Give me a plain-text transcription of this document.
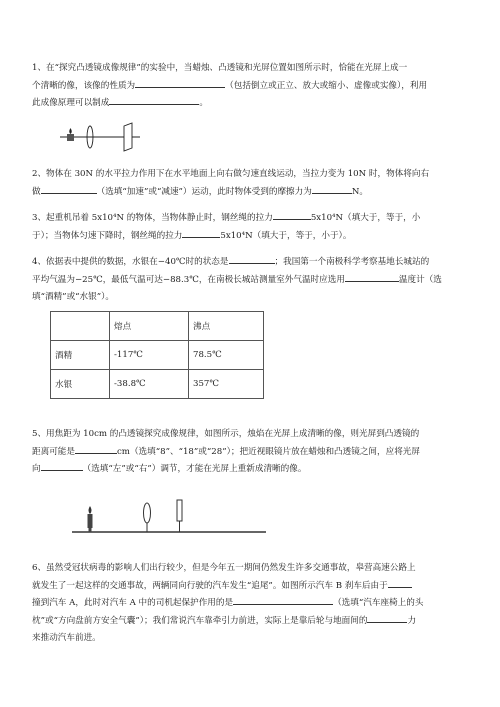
1、在“探究凸透镜成像规律”的实验中，当蜡烛、凸透镜和光屏位置如图所示时，恰能在光屏上成一

个清晰的像，该像的性质为	（包括倒立或正立、放大或缩小、虚像或实像），利用

此成像原理可以制成	。

2、物体在 30N 的水平拉力作用下在水平地面上向右做匀速直线运动，当拉力变为 10N 时，物体将向右

做	（选填“加速”或“减速”）运动，此时物体受到的摩擦力为	N。

3、起重机吊着 5x10⁴N 的物体，当物体静止时，钢丝绳的拉力	5x10⁴N（填大于，等于，小

于）；当物体匀速下降时，钢丝绳的拉力	5x10⁴N（填大于，等于，小于）。

4、依据表中提供的数据，水银在−40℃时的状态是	；我国第一个南极科学考察基地长城站的

平均气温为−25℃，最低气温可达−88.3℃，在南极长城站测量室外气温时应选用	温度计（选

填“酒精”或“水银”）。

	熔点	沸点
酒精	-117℃	78.5℃
水银	-38.8℃	357℃

5、用焦距为 10cm 的凸透镜探究成像规律，如图所示，烛焰在光屏上成清晰的像，则光屏到凸透镜的

距离可能是	cm（选填“8”、“18”或“28”）；把近视眼镜片放在蜡烛和凸透镜之间，应将光屏

向	（选填“左”或“右”）调节，才能在光屏上重新成清晰的像。

6、虽然受冠状病毒的影响人们出行较少，但是今年五一期间仍然发生许多交通事故，皋营高速公路上

就发生了一起这样的交通事故，两辆同向行驶的汽车发生“追尾”。如图所示汽车 B 刹车后由于

撞到汽车 A，此时对汽车 A 中的司机起保护作用的是	（选填“汽车座椅上的头

枕”或“方向盘前方安全气囊”）；我们常说汽车靠牵引力前进，实际上是靠后轮与地面间的	力

来推动汽车前进。
